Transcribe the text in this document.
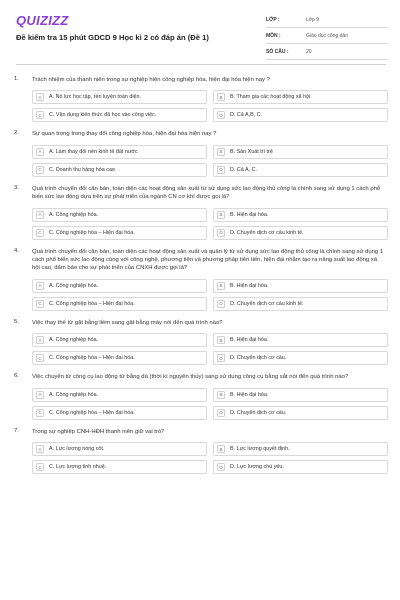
QUIZIZZ
Đề kiểm tra 15 phút GDCD 9 Học kì 2 có đáp án (Đề 1)
LỚP :	Lớp 9
MÔN :	Giáo dục công dân
SỐ CÂU :	20
1.	Trách nhiệm của thanh niên trong sự nghiệp hiện công nghiệp hóa, hiện đại hóa hiện nay ?
A	A. Nỗ lực học tập, rèn luyện toàn diện.	B	B. Tham gia các hoạt động xã hội.
C	C. Vận dụng kiến thức đã học vào công việc.	D	D. Cả A,B, C.
2.	Sự quan trọng trong thay đổi công nghiệp hóa, hiện đại hóa hiện nay ?
A	A. Làm thay đổi nền kinh tế đất nước	B	B. Sản Xuất trì trệ
C	C. Doanh thu hàng hóa cao	D	D. Cả A, C.
3.	Quá trình chuyển đổi căn bản, toàn diện các hoạt động sản xuất từ sử dụng sức lao động thủ công là chính sang sử dụng 1 cách phổ biến sức lao động dựa trên sự phát triển của ngành CN cơ khí được gọi là?
A	A. Công nghiệp hóa.	B	B. Hiện đại hóa.
C	C. Công nghiệp hóa – Hiện đại hóa.	D	D. Chuyển dịch cơ cấu kinh tế.
4.	Quá trình chuyển đổi căn bản, toàn diện các hoạt động sản xuất và quản lý từ sử dụng sức lao động thủ công là chính sang sử dụng 1 cách phổ biến sức lao động cùng với công nghệ, phương tiện và phương pháp tiên tiến, hiện đại nhằm tạo ra năng suất lao động xã hội cao, đảm bảo cho sự phát triển của CNXH được gọi là?
A	A. Công nghiệp hóa.	B	B. Hiện đại hóa.
C	C. Công nghiệp hóa – Hiện đại hóa.	D	D. Chuyển dịch cơ cấu kinh tế.
5.	Việc thay thế từ gặt bằng liềm sang gặt bằng máy nói đến quá trình nào?
A	A. Công nghiệp hóa.	B	B. Hiện đại hóa.
C	C. Công nghiệp hóa – Hiện đại hóa.	D	D. Chuyển dịch cơ cấu.
6.	Việc chuyển từ công cụ lao động từ bằng đá (thời kì nguyên thủy) sang sử dụng công cụ bằng sắt nói đến quá trình nào?
A	A. Công nghiệp hóa.	B	B. Hiện đại hóa.
C	C. Công nghiệp hóa – Hiện đại hóa.	D	D. Chuyển dịch cơ cấu.
7.	Trong sự nghiệp CNH-HĐH thanh niên giữ vai trò?
A	A. Lực lượng nòng cốt.	B	B. Lực lượng quyết định.
C	C. Lực lượng tinh nhuệ.	D	D. Lực lượng chủ yếu.
